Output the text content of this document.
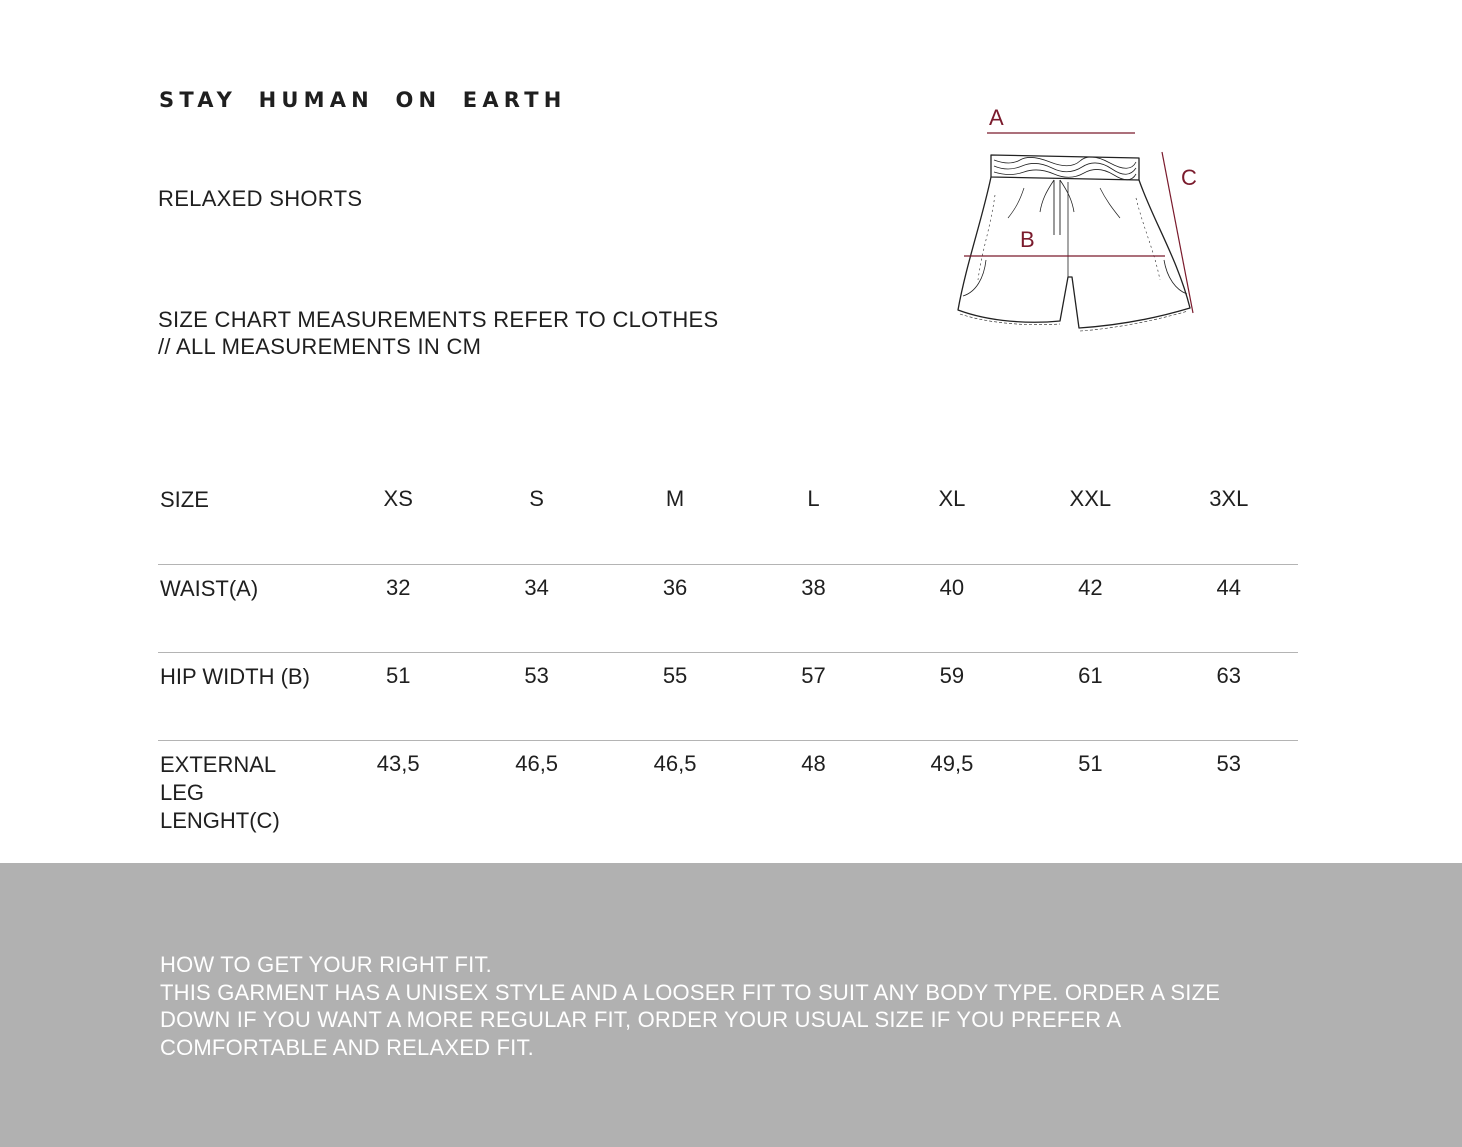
STAY HUMAN ON EARTH
RELAXED SHORTS
SIZE CHART MEASUREMENTS REFER TO CLOTHES
// ALL MEASUREMENTS IN CM
A
B
C
SIZE	XS	S	M	L	XL	XXL	3XL

WAIST(A)	32	34	36	38	40	42	44

HIP WIDTH (B)	51	53	55	57	59	61	63

EXTERNAL
LEG LENGHT(C)	43,5	46,5	46,5	48	49,5	51	53
HOW TO GET YOUR RIGHT FIT.
THIS GARMENT HAS A UNISEX STYLE AND A LOOSER FIT TO SUIT ANY BODY TYPE. ORDER A SIZE
DOWN IF YOU WANT A MORE REGULAR FIT, ORDER YOUR USUAL SIZE IF YOU PREFER A
COMFORTABLE AND RELAXED FIT.
